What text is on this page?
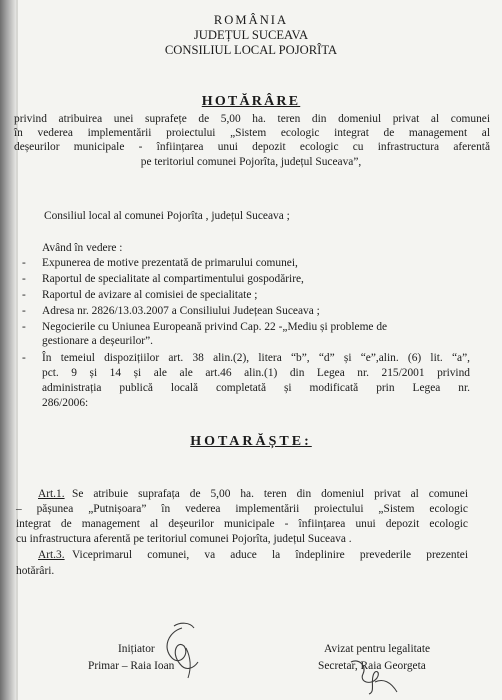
ROMÂNIA
JUDEȚUL SUCEAVA
CONSILIUL LOCAL POJORÎTA
HOTĂRÂRE
privind atribuirea unei suprafețe de 5,00 ha. teren din domeniul privat al comunei
în vederea implementării proiectului „Sistem ecologic integrat de management al
deșeurilor municipale - înființarea unui depozit ecologic cu infrastructura aferentă
pe teritoriul comunei Pojorîta, județul Suceava”,
Consiliul local al comunei Pojorîta , județul Suceava ;
Având în vedere :
- Expunerea de motive prezentată de primarului comunei,
- Raportul de specialitate al compartimentului gospodărire,
- Raportul de avizare al comisiei de specialitate ;
- Adresa nr. 2826/13.03.2007 a Consiliului Județean Suceava ;
- Negocierile cu Uniunea Europeană privind Cap. 22 -„Mediu și probleme de
gestionare a deșeurilor”.
- În temeiul dispozițiilor art. 38 alin.(2), litera “b”, “d” și “e”,alin. (6) lit. “a”,
pct. 9 și 14 și ale ale art.46 alin.(1) din Legea nr. 215/2001 privind
administrația publică locală completată și modificată prin Legea nr.
286/2006:
HOTARĂȘTE:
Art.1. Se atribuie suprafața de 5,00 ha. teren din domeniul privat al comunei
– pășunea „Putnișoara” în vederea implementării proiectului „Sistem ecologic
integrat de management al deșeurilor municipale - înființarea unui depozit ecologic
cu infrastructura aferentă pe teritoriul comunei Pojorîta, județul Suceava .
Art.3. Viceprimarul comunei, va aduce la îndeplinire prevederile prezentei
hotărâri.
Inițiator
Primar – Raia Ioan
Avizat pentru legalitate
Secretar, Raia Georgeta
